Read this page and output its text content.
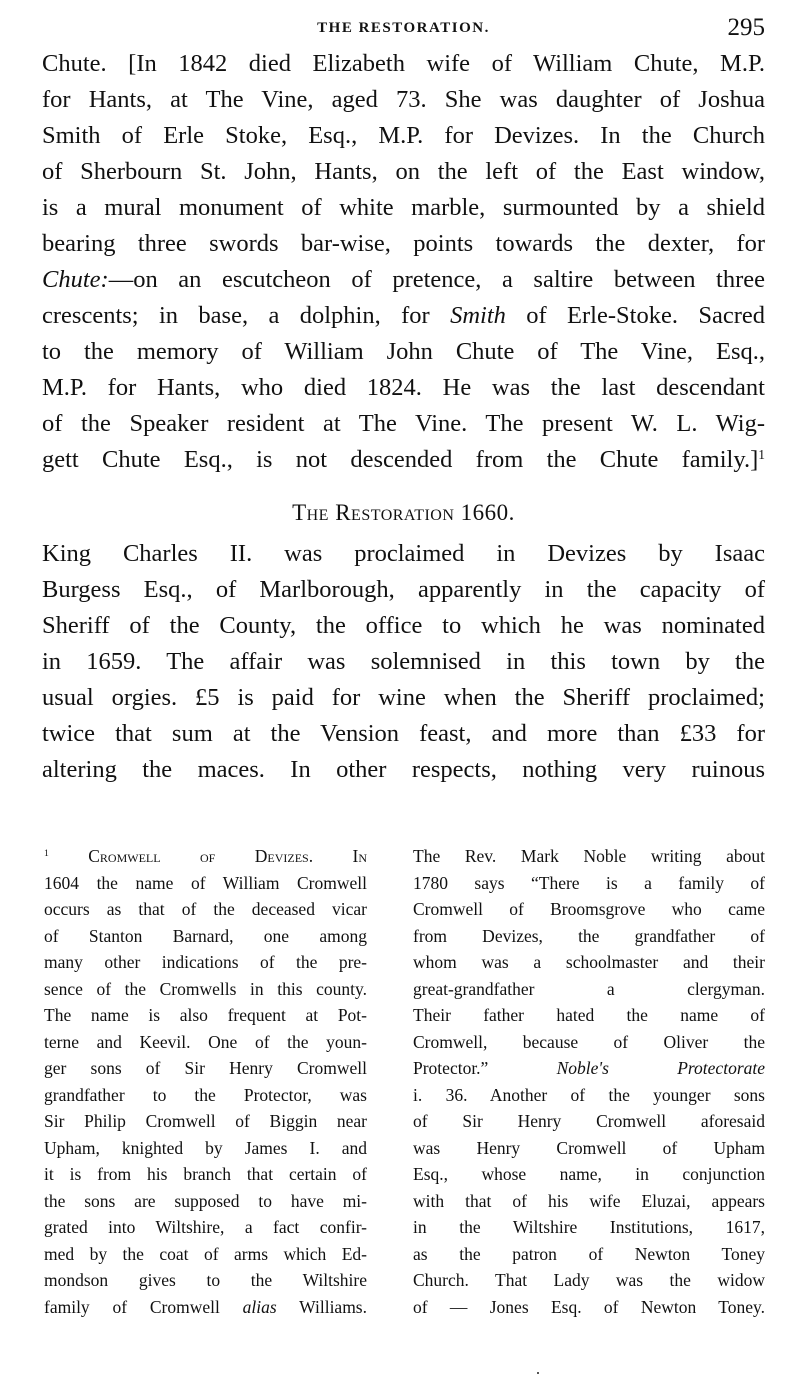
THE RESTORATION.	295
Chute. [In 1842 died Elizabeth wife of William Chute, M.P.
for Hants, at The Vine, aged 73. She was daughter of Joshua
Smith of Erle Stoke, Esq., M.P. for Devizes. In the Church
of Sherbourn St. John, Hants, on the left of the East window,
is a mural monument of white marble, surmounted by a shield
bearing three swords bar-wise, points towards the dexter, for
Chute:—on an escutcheon of pretence, a saltire between three
crescents; in base, a dolphin, for Smith of Erle-Stoke. Sacred
to the memory of William John Chute of The Vine, Esq.,
M.P. for Hants, who died 1824. He was the last descendant
of the Speaker resident at The Vine. The present W. L. Wig-
gett Chute Esq., is not descended from the Chute family.]$^1$
The Restoration 1660.
King Charles II. was proclaimed in Devizes by Isaac
Burgess Esq., of Marlborough, apparently in the capacity of
Sheriff of the County, the office to which he was nominated
in 1659. The affair was solemnised in this town by the
usual orgies. £5 is paid for wine when the Sheriff proclaimed;
twice that sum at the Vension feast, and more than £33 for
altering the maces. In other respects, nothing very ruinous
$^1$ Cromwell of Devizes. In
1604 the name of William Cromwell
occurs as that of the deceased vicar
of Stanton Barnard, one among
many other indications of the pre-
sence of the Cromwells in this county.
The name is also frequent at Pot-
terne and Keevil. One of the youn-
ger sons of Sir Henry Cromwell
grandfather to the Protector, was
Sir Philip Cromwell of Biggin near
Upham, knighted by James I. and
it is from his branch that certain of
the sons are supposed to have mi-
grated into Wiltshire, a fact confir-
med by the coat of arms which Ed-
mondson gives to the Wiltshire
family of Cromwell alias Williams.
The Rev. Mark Noble writing about
1780 says “There is a family of
Cromwell of Broomsgrove who came
from Devizes, the grandfather of
whom was a schoolmaster and their
great-grandfather a clergyman.
Their father hated the name of
Cromwell, because of Oliver the
Protector.” Noble's Protectorate
i. 36. Another of the younger sons
of Sir Henry Cromwell aforesaid
was Henry Cromwell of Upham
Esq., whose name, in conjunction
with that of his wife Eluzai, appears
in the Wiltshire Institutions, 1617,
as the patron of Newton Toney
Church. That Lady was the widow
of — Jones Esq. of Newton Toney.
